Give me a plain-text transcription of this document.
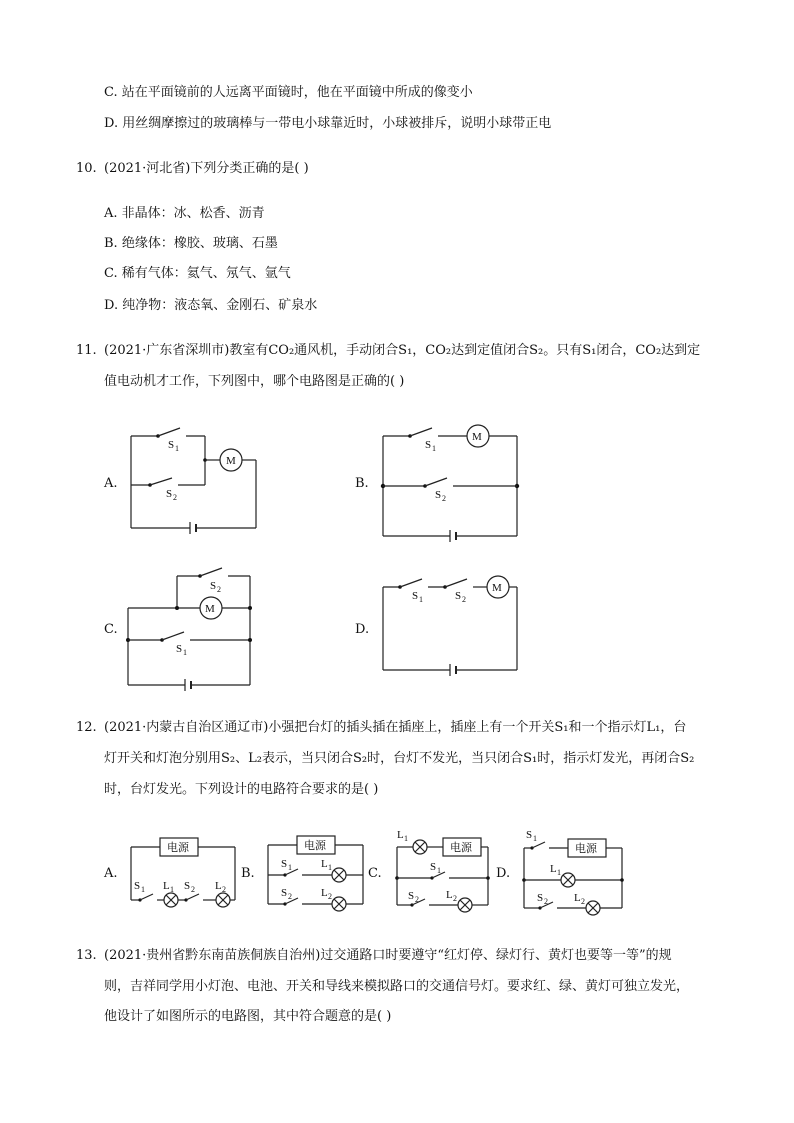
C. 站在平面镜前的人远离平面镜时，他在平面镜中所成的像变小
D. 用丝绸摩擦过的玻璃棒与一带电小球靠近时，小球被排斥，说明小球带正电
10. (2021·河北省)下列分类正确的是( )
A. 非晶体：冰、松香、沥青
B. 绝缘体：橡胶、玻璃、石墨
C. 稀有气体：氦气、氖气、氩气
D. 纯净物：液态氧、金刚石、矿泉水
11. (2021·广东省深圳市)教室有CO₂通风机，手动闭合S₁，CO₂达到定值闭合S₂。只有S₁闭合，CO₂达到定
值电动机才工作，下列图中，哪个电路图是正确的( )
A.	B.
C.	D.
S 1
M
S 2
S 1
M
S 2
S 2
M
S 1
S 1	S 2
M
12. (2021·内蒙古自治区通辽市)小强把台灯的插头插在插座上，插座上有一个开关S₁和一个指示灯L₁，台
灯开关和灯泡分别用S₂、L₂表示，当只闭合S₂时，台灯不发光，当只闭合S₁时，指示灯发光，再闭合S₂
时，台灯发光。下列设计的电路符合要求的是( )
A.	B.	C.	D.
电源
S 1 L 1 S 2 L 2
电源
S 1	L 1
S 2	L 2
L 1
电源
S 1
S 2 L 2
S 1
电源
L 1
S 2 L 2
13. (2021·贵州省黔东南苗族侗族自治州)过交通路口时要遵守“红灯停、绿灯行、黄灯也要等一等”的规
则，吉祥同学用小灯泡、电池、开关和导线来模拟路口的交通信号灯。要求红、绿、黄灯可独立发光，
他设计了如图所示的电路图，其中符合题意的是( )
